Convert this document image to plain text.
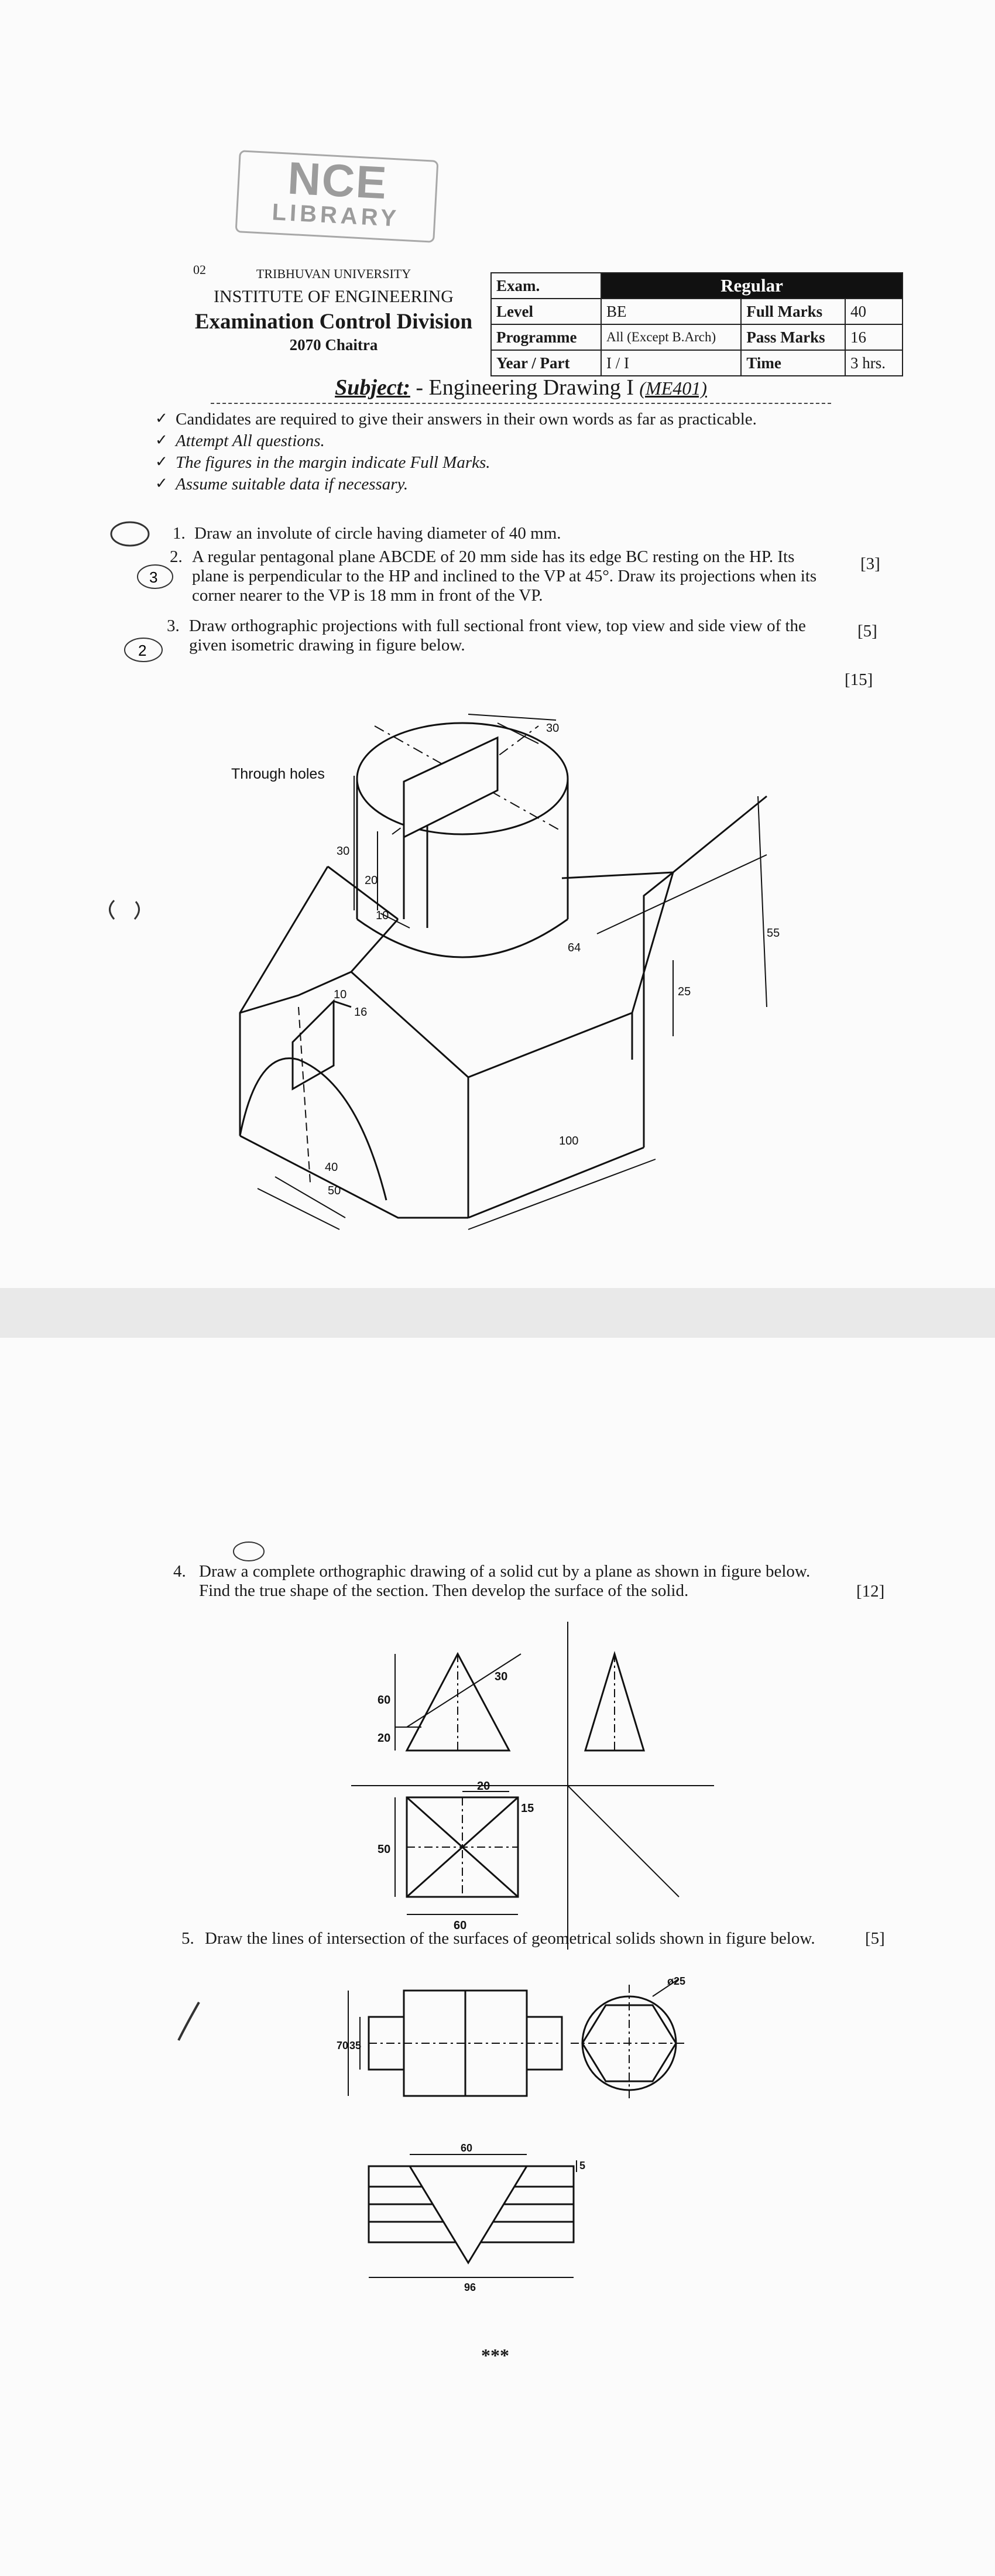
NCE
LIBRARY
02	TRIBHUVAN UNIVERSITY
INSTITUTE OF ENGINEERING
Examination Control Division
2070 Chaitra
Exam.	Regular		
Level	BE	Full Marks	40
Programme	All (Except B.Arch)	Pass Marks	16
Year / Part	I / I	Time	3 hrs.
Subject: - Engineering Drawing I (ME401)
✓ Candidates are required to give their answers in their own words as far as practicable.
✓ Attempt All questions.
✓ The figures in the margin indicate Full Marks.
✓ Assume suitable data if necessary.
3
2
1. Draw an involute of circle having diameter of 40 mm.
[3]
2. A regular pentagonal plane ABCDE of 20 mm side has its edge BC resting on the HP. Its plane is perpendicular to the HP and inclined to the VP at 45°. Draw its projections when its corner nearer to the VP is 18 mm in front of the VP.
[5]
3. Draw orthographic projections with full sectional front view, top view and side view of the given isometric drawing in figure below.
[15]
Through holes
30
30
20
10
10
16
64
55
25
100
40
50
4. Draw a complete orthographic drawing of a solid cut by a plane as shown in figure below. Find the true shape of the section. Then develop the surface of the solid.	[12]
60
20
30
20
15
50
60
5. Draw the lines of intersection of the surfaces of geometrical solids shown in figure below.	[5]
70 35
ø25
60
5
96
***
